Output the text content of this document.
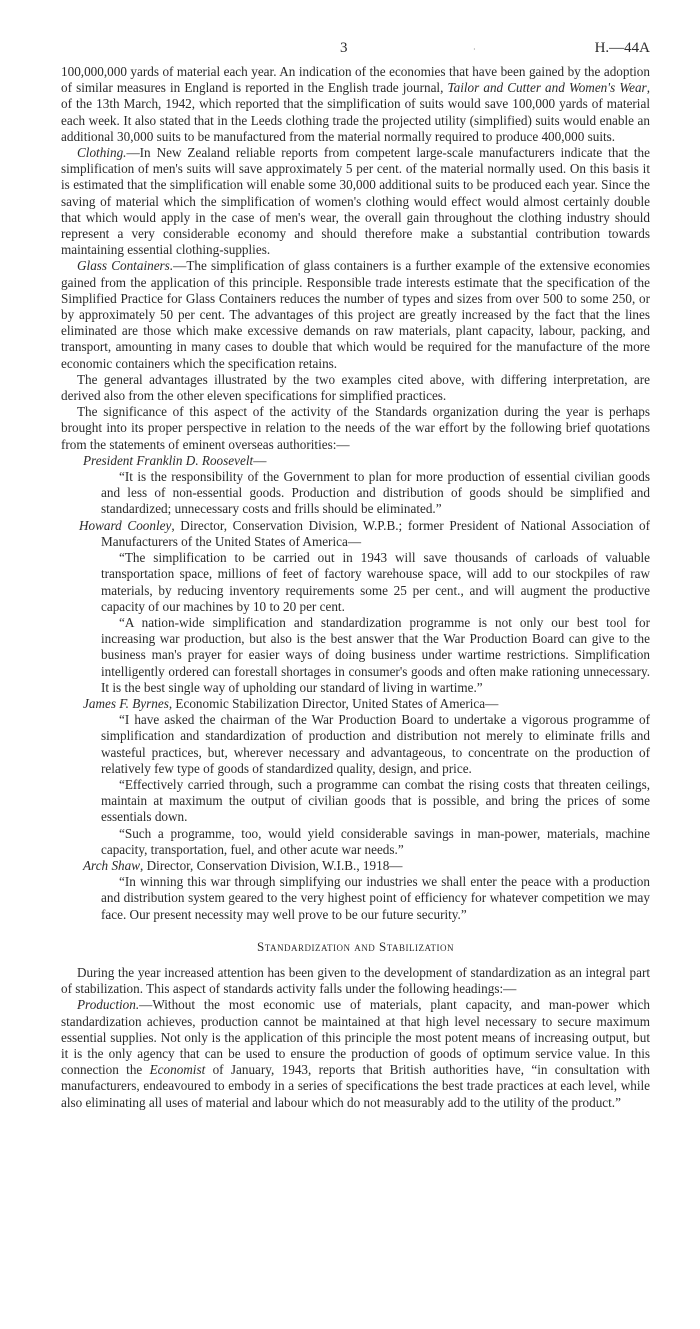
3	·	H.—44A

100,000,000 yards of material each year. An indication of the economies that have been gained by the adoption of similar measures in England is reported in the English trade journal, Tailor and Cutter and Women's Wear, of the 13th March, 1942, which reported that the simplification of suits would save 100,000 yards of material each week. It also stated that in the Leeds clothing trade the projected utility (simplified) suits would enable an additional 30,000 suits to be manufactured from the material normally required to produce 400,000 suits.

Clothing.—In New Zealand reliable reports from competent large-scale manufacturers indicate that the simplification of men's suits will save approximately 5 per cent. of the material normally used. On this basis it is estimated that the simplification will enable some 30,000 additional suits to be produced each year. Since the saving of material which the simplification of women's clothing would effect would almost certainly double that which would apply in the case of men's wear, the overall gain throughout the clothing industry should represent a very considerable economy and should therefore make a substantial contribution towards maintaining essential clothing-supplies.

Glass Containers.—The simplification of glass containers is a further example of the extensive economies gained from the application of this principle. Responsible trade interests estimate that the specification of the Simplified Practice for Glass Containers reduces the number of types and sizes from over 500 to some 250, or by approximately 50 per cent. The advantages of this project are greatly increased by the fact that the lines eliminated are those which make excessive demands on raw materials, plant capacity, labour, packing, and transport, amounting in many cases to double that which would be required for the manufacture of the more economic containers which the specification retains.

The general advantages illustrated by the two examples cited above, with differing interpretation, are derived also from the other eleven specifications for simplified practices.

The significance of this aspect of the activity of the Standards organization during the year is perhaps brought into its proper perspective in relation to the needs of the war effort by the following brief quotations from the statements of eminent overseas authorities:—

President Franklin D. Roosevelt—

“It is the responsibility of the Government to plan for more production of essential civilian goods and less of non-essential goods. Production and distribution of goods should be simplified and standardized; unnecessary costs and frills should be eliminated.”

Howard Coonley, Director, Conservation Division, W.P.B.; former President of National Association of Manufacturers of the United States of America—

“The simplification to be carried out in 1943 will save thousands of carloads of valuable transportation space, millions of feet of factory warehouse space, will add to our stockpiles of raw materials, by reducing inventory requirements some 25 per cent., and will augment the productive capacity of our machines by 10 to 20 per cent.

“A nation-wide simplification and standardization programme is not only our best tool for increasing war production, but also is the best answer that the War Production Board can give to the business man's prayer for easier ways of doing business under wartime restrictions. Simplification intelligently ordered can forestall shortages in consumer's goods and often make rationing unnecessary. It is the best single way of upholding our standard of living in wartime.”

James F. Byrnes, Economic Stabilization Director, United States of America—

“I have asked the chairman of the War Production Board to undertake a vigorous programme of simplification and standardization of production and distribution not merely to eliminate frills and wasteful practices, but, wherever necessary and advantageous, to concentrate on the production of relatively few type of goods of standardized quality, design, and price.

“Effectively carried through, such a programme can combat the rising costs that threaten ceilings, maintain at maximum the output of civilian goods that is possible, and bring the prices of some essentials down.

“Such a programme, too, would yield considerable savings in man-power, materials, machine capacity, transportation, fuel, and other acute war needs.”

Arch Shaw, Director, Conservation Division, W.I.B., 1918—

“In winning this war through simplifying our industries we shall enter the peace with a production and distribution system geared to the very highest point of efficiency for whatever competition we may face. Our present necessity may well prove to be our future security.”

Standardization and Stabilization

During the year increased attention has been given to the development of standardization as an integral part of stabilization. This aspect of standards activity falls under the following headings:—

Production.—Without the most economic use of materials, plant capacity, and man-power which standardization achieves, production cannot be maintained at that high level necessary to secure maximum essential supplies. Not only is the application of this principle the most potent means of increasing output, but it is the only agency that can be used to ensure the production of goods of optimum service value. In this connection the Economist of January, 1943, reports that British authorities have, “in consultation with manufacturers, endeavoured to embody in a series of specifications the best trade practices at each level, while also eliminating all uses of material and labour which do not measurably add to the utility of the product.”
